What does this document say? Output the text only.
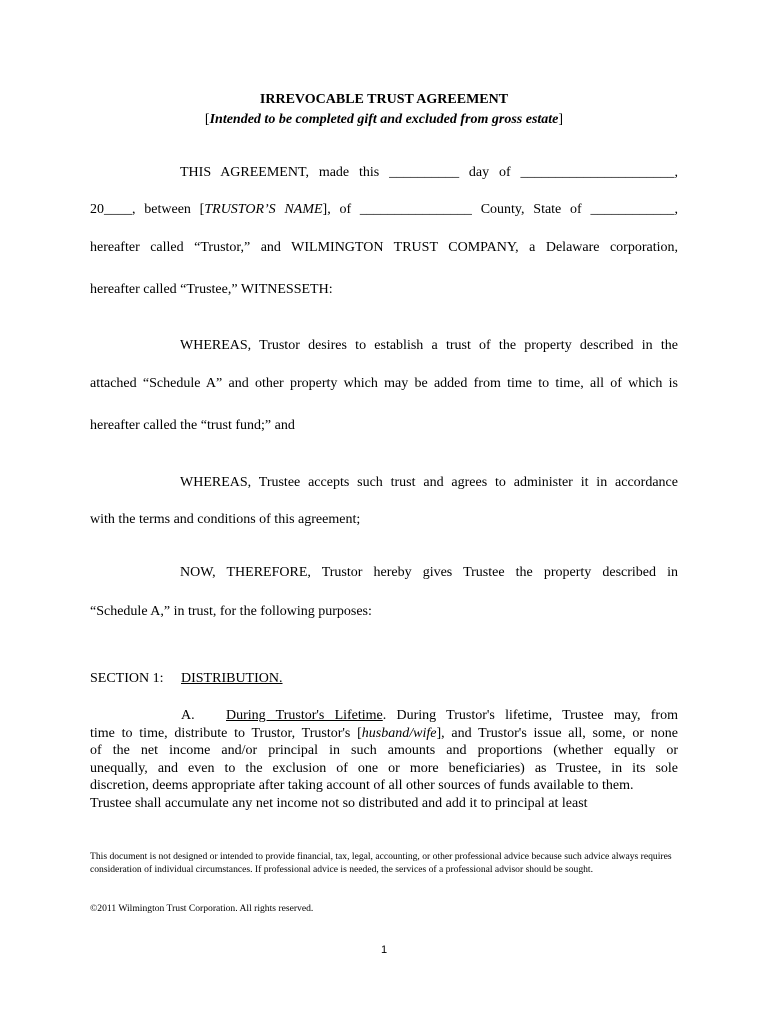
IRREVOCABLE TRUST AGREEMENT
[Intended to be completed gift and excluded from gross estate]
THIS AGREEMENT, made this __________ day of ______________________,
20____, between [TRUSTOR’S NAME], of ________________ County, State of ____________,
hereafter called “Trustor,” and WILMINGTON TRUST COMPANY, a Delaware corporation,
hereafter called “Trustee,” WITNESSETH:
WHEREAS, Trustor desires to establish a trust of the property described in the
attached “Schedule A” and other property which may be added from time to time, all of which is
hereafter called the “trust fund;” and
WHEREAS, Trustee accepts such trust and agrees to administer it in accordance
with the terms and conditions of this agreement;
NOW, THEREFORE, Trustor hereby gives Trustee the property described in
“Schedule A,” in trust, for the following purposes:
SECTION 1: DISTRIBUTION.
A. During Trustor's Lifetime. During Trustor's lifetime, Trustee may, from
time to time, distribute to Trustor, Trustor's [husband/wife], and Trustor's issue all, some, or none
of the net income and/or principal in such amounts and proportions (whether equally or
unequally, and even to the exclusion of one or more beneficiaries) as Trustee, in its sole
discretion, deems appropriate after taking account of all other sources of funds available to them.
Trustee shall accumulate any net income not so distributed and add it to principal at least
This document is not designed or intended to provide financial, tax, legal, accounting, or other professional advice because such advice always requires consideration of individual circumstances. If professional advice is needed, the services of a professional advisor should be sought.
©2011 Wilmington Trust Corporation. All rights reserved.
1
